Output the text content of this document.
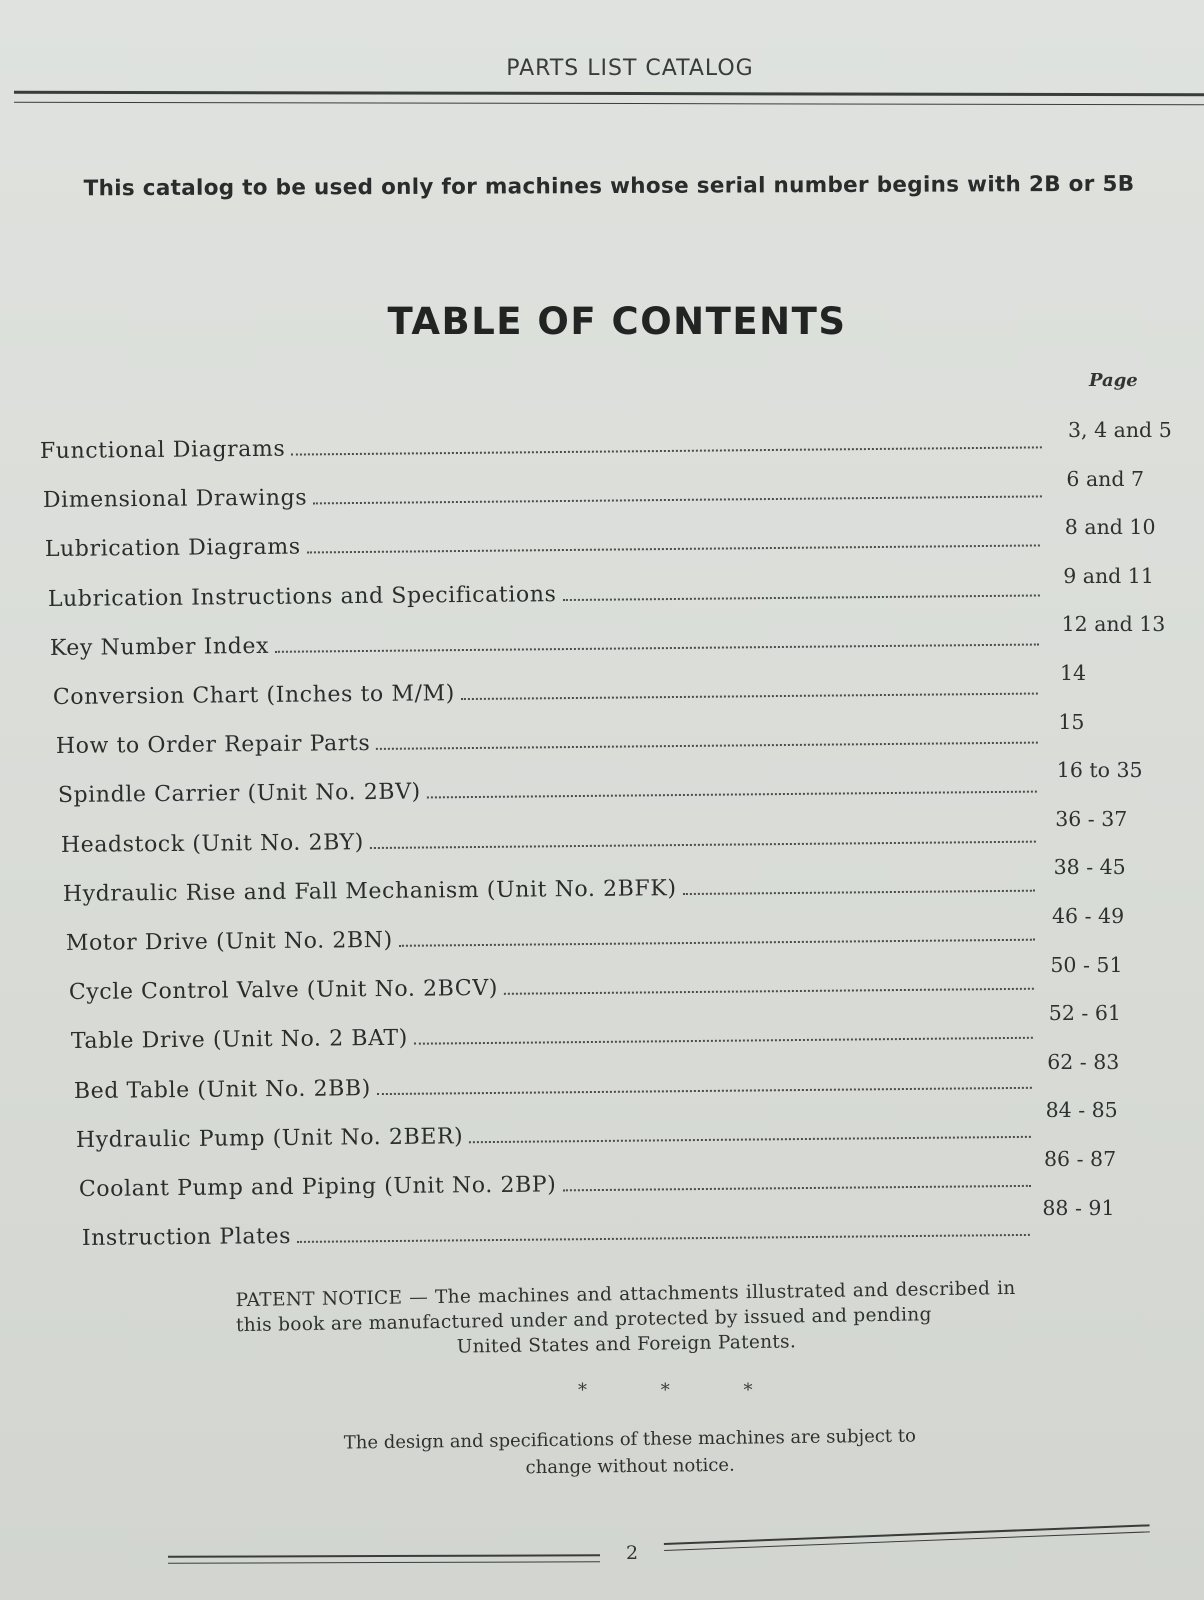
PARTS LIST CATALOG
This catalog to be used only for machines whose serial number begins with 2B or 5B
TABLE OF CONTENTS
Page
Functional Diagrams
3, 4 and 5
Dimensional Drawings
6 and 7
Lubrication Diagrams
8 and 10
Lubrication Instructions and Specifications
9 and 11
Key Number Index
12 and 13
Conversion Chart (Inches to M/M)
14
How to Order Repair Parts
15
Spindle Carrier (Unit No. 2BV)
16 to 35
Headstock (Unit No. 2BY)
36 - 37
Hydraulic Rise and Fall Mechanism (Unit No. 2BFK)
38 - 45
Motor Drive (Unit No. 2BN)
46 - 49
Cycle Control Valve (Unit No. 2BCV)
50 - 51
Table Drive (Unit No. 2 BAT)
52 - 61
Bed Table (Unit No. 2BB)
62 - 83
Hydraulic Pump (Unit No. 2BER)
84 - 85
Coolant Pump and Piping (Unit No. 2BP)
86 - 87
Instruction Plates
88 - 91
PATENT NOTICE — The machines and attachments illustrated and described in this book are manufactured under and protected by issued and pending
United States and Foreign Patents.
* * *
The design and specifications of these machines are subject to change without notice.
2
